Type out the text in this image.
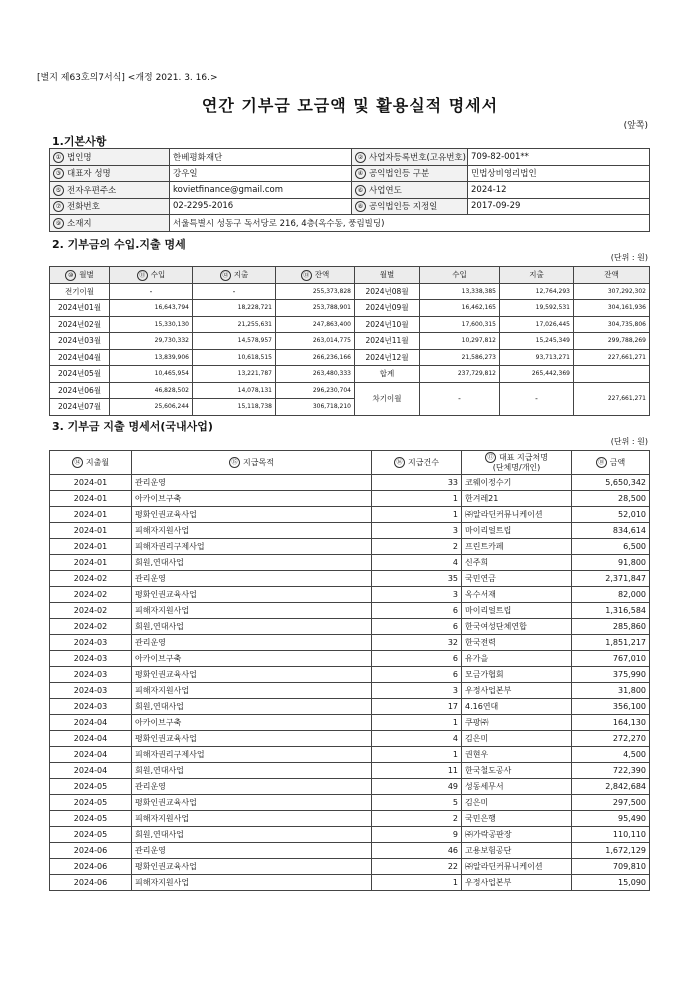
[별지 제63호의7서식] <개정 2021. 3. 16.>
연간 기부금 모금액 및 활용실적 명세서
(앞쪽)
1.기본사항
① 법인명	한베평화재단	② 사업자등록번호(고유번호)	709-82-001**
③ 대표자 성명	강우일	④ 공익법인등 구분	민법상비영리법인
⑤ 전자우편주소	kovietfinance@gmail.com	⑥ 사업연도	2024-12
⑦ 전화번호	02-2295-2016	⑧ 공익법인등 지정일	2017-09-29
⑨ 소재지	서울특별시 성동구 독서당로 216, 4층(옥수동, 풍림빌딩)		
2. 기부금의 수입.지출 명세
(단위 : 원)
⑩ 월별	⑪ 수입	⑫ 지출	⑬ 잔액	월별	수입	지출	잔액
전기이월	-	-	255,373,828	2024년08월	13,338,385	12,764,293	307,292,302
2024년01월	16,643,794	18,228,721	253,788,901	2024년09월	16,462,165	19,592,531	304,161,936
2024년02월	15,330,130	21,255,631	247,863,400	2024년10월	17,600,315	17,026,445	304,735,806
2024년03월	29,730,332	14,578,957	263,014,775	2024년11월	10,297,812	15,245,349	299,788,269
2024년04월	13,839,906	10,618,515	266,236,166	2024년12월	21,586,273	93,713,271	227,661,271
2024년05월	10,465,954	13,221,787	263,480,333	합계	237,729,812	265,442,369	
2024년06월	46,828,502	14,078,131	296,230,704	차기이월	-	-	227,661,271
2024년07월	25,606,244	15,118,738	306,718,210				
3. 기부금 지출 명세서(국내사업)
(단위 : 원)
⑭ 지출월	⑮ 지급목적	⑯ 지급건수	⑰ 대표 지급처명
(단체명/개인)	⑱ 금액
2024-01	관리운영	33	코웨이정수기	5,650,342
2024-01	아카이브구축	1	한겨레21	28,500
2024-01	평화인권교육사업	1	㈜알라딘커뮤니케이션	52,010
2024-01	피해자지원사업	3	마이리얼트립	834,614
2024-01	피해자권리구제사업	2	프린트카페	6,500
2024-01	회원,연대사업	4	신주희	91,800
2024-02	관리운영	35	국민연금	2,371,847
2024-02	평화인권교육사업	3	옥수서재	82,000
2024-02	피해자지원사업	6	마이리얼트립	1,316,584
2024-02	회원,연대사업	6	한국여성단체연합	285,860
2024-03	관리운영	32	한국전력	1,851,217
2024-03	아카이브구축	6	유가을	767,010
2024-03	평화인권교육사업	6	모금가협회	375,990
2024-03	피해자지원사업	3	우정사업본부	31,800
2024-03	회원,연대사업	17	4.16연대	356,100
2024-04	아카이브구축	1	쿠팡㈜	164,130
2024-04	평화인권교육사업	4	김은미	272,270
2024-04	피해자권리구제사업	1	권현우	4,500
2024-04	회원,연대사업	11	한국철도공사	722,390
2024-05	관리운영	49	성동세무서	2,842,684
2024-05	평화인권교육사업	5	김은미	297,500
2024-05	피해자지원사업	2	국민은행	95,490
2024-05	회원,연대사업	9	㈜가락공판장	110,110
2024-06	관리운영	46	고용보험공단	1,672,129
2024-06	평화인권교육사업	22	㈜알라딘커뮤니케이션	709,810
2024-06	피해자지원사업	1	우정사업본부	15,090
